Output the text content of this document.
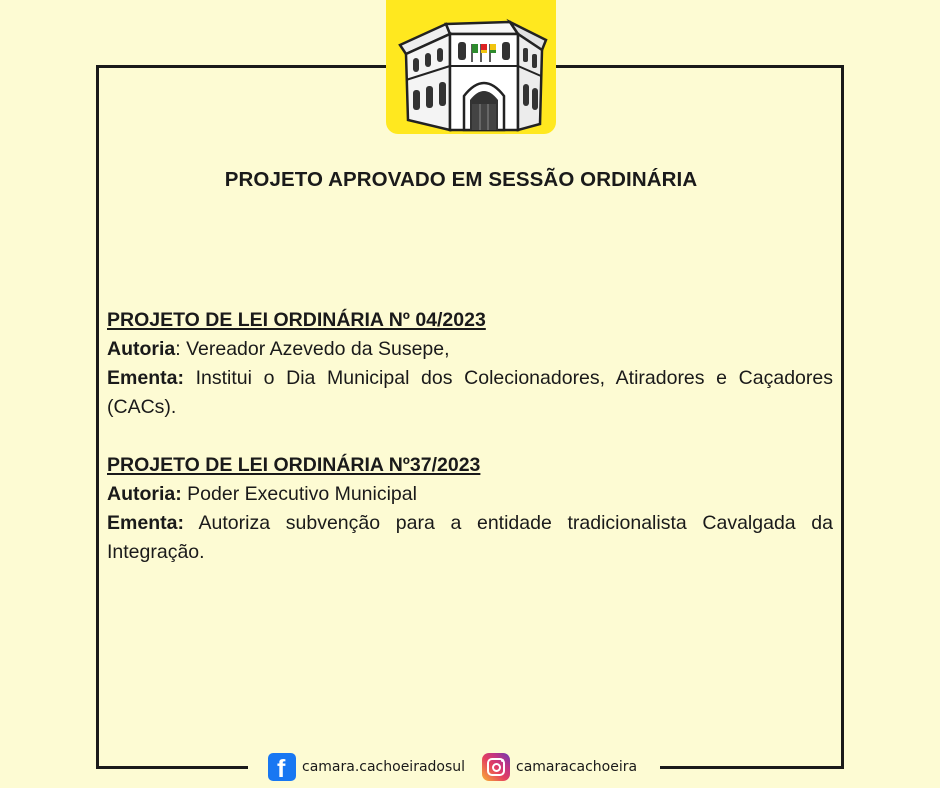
PROJETO APROVADO EM SESSÃO ORDINÁRIA
PROJETO DE LEI ORDINÁRIA Nº 04/2023
Autoria: Vereador Azevedo da Susepe,
Ementa: Institui o Dia Municipal dos Colecionadores, Atiradores e Caçadores (CACs).
PROJETO DE LEI ORDINÁRIA Nº37/2023
Autoria: Poder Executivo Municipal
Ementa: Autoriza subvenção para a entidade tradicionalista Cavalgada da Integração.
f camara.cachoeiradosul	camaracachoeira
